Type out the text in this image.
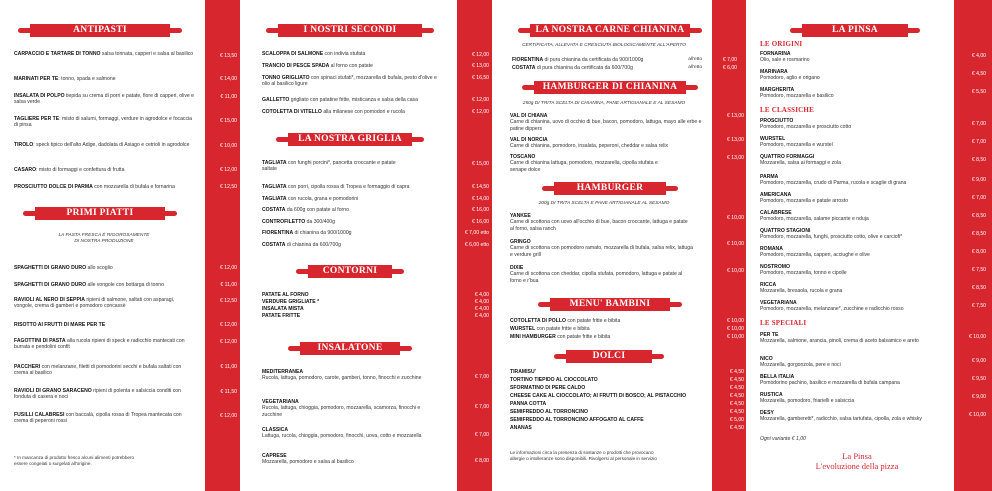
ANTIPASTI
CARPACCIO E TARTARE DI TONNO salsa tonnata, capperi e salsa al basilico
MARINATI PER TE: tonno, spada e salmone
INSALATA DI POLPO tiepida su crema di porri e patate, fiore di capperi, olive e salsa verde
TAGLIERE PER TE: misto di salumi, formaggi, verdure in agrodolce e focaccia di pinsa
TIROLO: speck tipico dell'alto Adige, dadolata di Asiago e cetrioli in agrodolce
CASARO: misto di formaggi e confettura di frutta
PROSCIUTTO DOLCE DI PARMA con mozzarella di bufala e fornarina
PRIMI PIATTI
LA PASTA FRESCA È RIGOROSAMENTE
DI NOSTRA PRODUZIONE
SPAGHETTI DI GRANO DURO allo scoglio
SPAGHETTI DI GRANO DURO alle vongole con bottarga di tonno
RAVIOLI AL NERO DI SEPPIA ripieni di salmone, saltati con asparagi, vongole, crema di gamberi e pomodoro concassè
RISOTTO AI FRUTTI DI MARE PER TE
FAGOTTINI DI PASTA alla rucola ripieni di speck e radicchio mantecati con burrata e pendolini confit
PACCHERI con melanzane, filetti di pomodorini secchi e bufala saltati con crema al basilico
RAVIOLI DI GRANO SARACENO ripieni di polenta e salsiccia conditi con fonduta di casera e noci
FUSILLI CALABRESI con baccalà, cipolla rossa di Tropea mantecata con crema di peperoni rossi
* In mancanza di prodotto fresco alcuni alimenti potrebbero
essere congelati o surgelati all'origine.
€ 13,50
€ 14,00
€ 11,00
€ 15,00
€ 10,00
€ 12,00
€ 12,50
€ 12,00
€ 11,00
€ 12,50
€ 12,00
€ 12,00
€ 11,00
€ 11,50
€ 12,00
I NOSTRI SECONDI
SCALOPPA DI SALMONE con indivia stufata
TRANCIO DI PESCE SPADA al forno con patate
TONNO GRIGLIATO con spinaci stufati*, mozzarella di bufala, pesto d'olive e olio al basilico ligure
GALLETTO grigliato con patatine fritte, misticanza e salsa della casa
COTOLETTA DI VITELLO alla milanese con pomodori e rucola
LA NOSTRA GRIGLIA
TAGLIATA con funghi porcini*, pancetta croccante e patate saltate
TAGLIATA con porri, cipolla rossa di Tropea e formaggio di capra
TAGLIATA con rucola, grana e pomodorini
COSTATA da 600g con patate al forno
CONTROFILETTO da 300/400g
FIORENTINA di chianina da 900/1000g
COSTATA di chianina da 600/700g
CONTORNI
PATATE AL FORNO
VERDURE GRIGLIATE *
INSALATA MISTA
PATATE FRITTE
INSALATONE
MEDITERRANEA
Rucola, lattuga, pomodoro, carote, gamberi, tonno, finocchi e zucchine
VEGETARIANA
Rucola, lattuga, chioggia, pomodoro, mozzarella, scamorza, finocchi e zucchine
CLASSICA
Lattuga, rucola, chioggia, pomodoro, finocchi, uova, cotto e mozzarella
CAPRESE
Mozzarella, pomodoro e salsa al basilico
€ 12,00
€ 13,00
€ 16,50
€ 12,00
€ 12,00
€ 15,00
€ 14,50
€ 14,00
€ 16,00
€ 16,00
€ 7,00 etto
€ 6,00 etto
€ 4,00
€ 4,00
€ 4,00
€ 4,00
€ 7,00
€ 7,00
€ 7,00
€ 8,00
LA NOSTRA CARNE CHIANINA
CERTIFICATA, ALLEVATA E CRESCIUTA BIOLOGICAMENTE ALL'APERTO
FIORENTINA di pura chianina da certificata da 900/1000g	all'etto
COSTATA di pura chianina da certificata da 600/700g	all'etto
HAMBURGER DI CHIANINA
250g DI TRITA SCELTA DI CHIANINA, PANE ARTIGIANALE E AL SESAMO
VAL DI CHIANA
Carne di chianina, uovo di occhio di bue, bacon, pomodoro, lattuga, mayo alle erbe e patine dippers
VAL DI NORCIA
Carne di chianina, pomodoro, insalata, peperoni, cheddar e salsa relix
TOSCANO
Carne di chianina lattuga, pomodoro, mozzarella, cipolla stufata e senape dolce
HAMBURGER
200g DI TRITA SCELTA E PANE ARTIGIANALE AL SESAMO
YANKEE
Carne di scottona con uovo all'occhio di bue, bacon croccante, lattuga e patate al forno, salsa ranch
GRINGO
Carne di scottona con pomodoro ramato, mozzarella di bufala, salsa relix, lattuga e verdure grill
DIXIE
Carne di scottona con cheddar, cipolla stufata, pomodoro, lattuga e patate al forno e r'bua
MENU' BAMBINI
COTOLETTA DI POLLO con patate fritte e bibita
WURSTEL con patate fritte e bibita
MINI HAMBURGER con patate fritte e bibita
DOLCI
TIRAMISU'
TORTINO TIEPIDO AL CIOCCOLATO
SFORMATINO DI PERE CALDO
CHEESE CAKE AL CIOCCOLATO; AI FRUTTI DI BOSCO; AL PISTACCHIO
PANNA COTTA
SEMIFREDDO AL TORRONCINO
SEMIFREDDO AL TORRONCINO AFFOGATO AL CAFFE
ANANAS
Le informazioni circa la presenza di sostanze o prodotti che provocano
allergie o intolleranze sono disponibili. Rivolgersi al personale in servizio
€ 7,00
€ 6,00
€ 13,00
€ 13,00
€ 13,00
€ 10,00
€ 10,00
€ 10,00
€ 10,00
€ 10,00
€ 10,00
€ 4,50
€ 4,50
€ 4,50
€ 4,50
€ 4,50
€ 4,50
€ 5,00
€ 4,50
LA PINSA
LE ORIGINI
FORNARINA
Olio, sale e rosmarino
MARINARA
Pomodoro, aglio e origano
MARGHERITA
Pomodoro, mozzarella e basilico
LE CLASSICHE
PROSCIUTTO
Pomodoro, mozzarella e prosciutto cotto
WURSTEL
Pomodoro, mozzarella e wurstel
QUATTRO FORMAGGI
Mozzarella, salsa ai formaggi e zola
PARMA
Pomodoro, mozzarella, crudo di Parma, rucola e scaglie di grana
AMERICANA
Pomodoro, mozzarella e patate arrosto
CALABRESE
Pomodoro, mozzarella, salame piccante e nduja
QUATTRO STAGIONI
Pomodoro, mozzarella, funghi, prosciutto cotto, olive e carciofi*
ROMANA
Pomodoro, mozzarella, capperi, acciughe e olive
NOSTROMO
Pomodoro, mozzarella, tonno e cipolle
RICCA
Mozzarella, bresaola, rucola e grana
VEGETARIANA
Pomodoro, mozzarella, melanzane*, zucchine e radicchio rosso
LE SPECIALI
PER TE
Mozzarella, salmone, arancia, pinoli, crema di aceto balsamico e areto
NICO
Mozzarella, gorgonzola, pere e noci
BELLA ITALIA
Pomodorino pachino, basilico e mozzarella di bufala campana
RUSTICA
Mozzarella, pomodoro, friarielli e salsiccia
DESY
Mozzarella, gamberetti*, radicchio, salsa tartufata, cipolla, zola e whisky
Ogni variante € 1,00
La Pinsa
L'evoluzione della pizza
€ 4,00
€ 4,50
€ 5,50
€ 7,00
€ 7,00
€ 8,50
€ 9,00
€ 7,00
€ 8,50
€ 8,50
€ 8,00
€ 7,50
€ 8,50
€ 7,50
€ 10,00
€ 9,00
€ 9,50
€ 9,00
€ 10,00
